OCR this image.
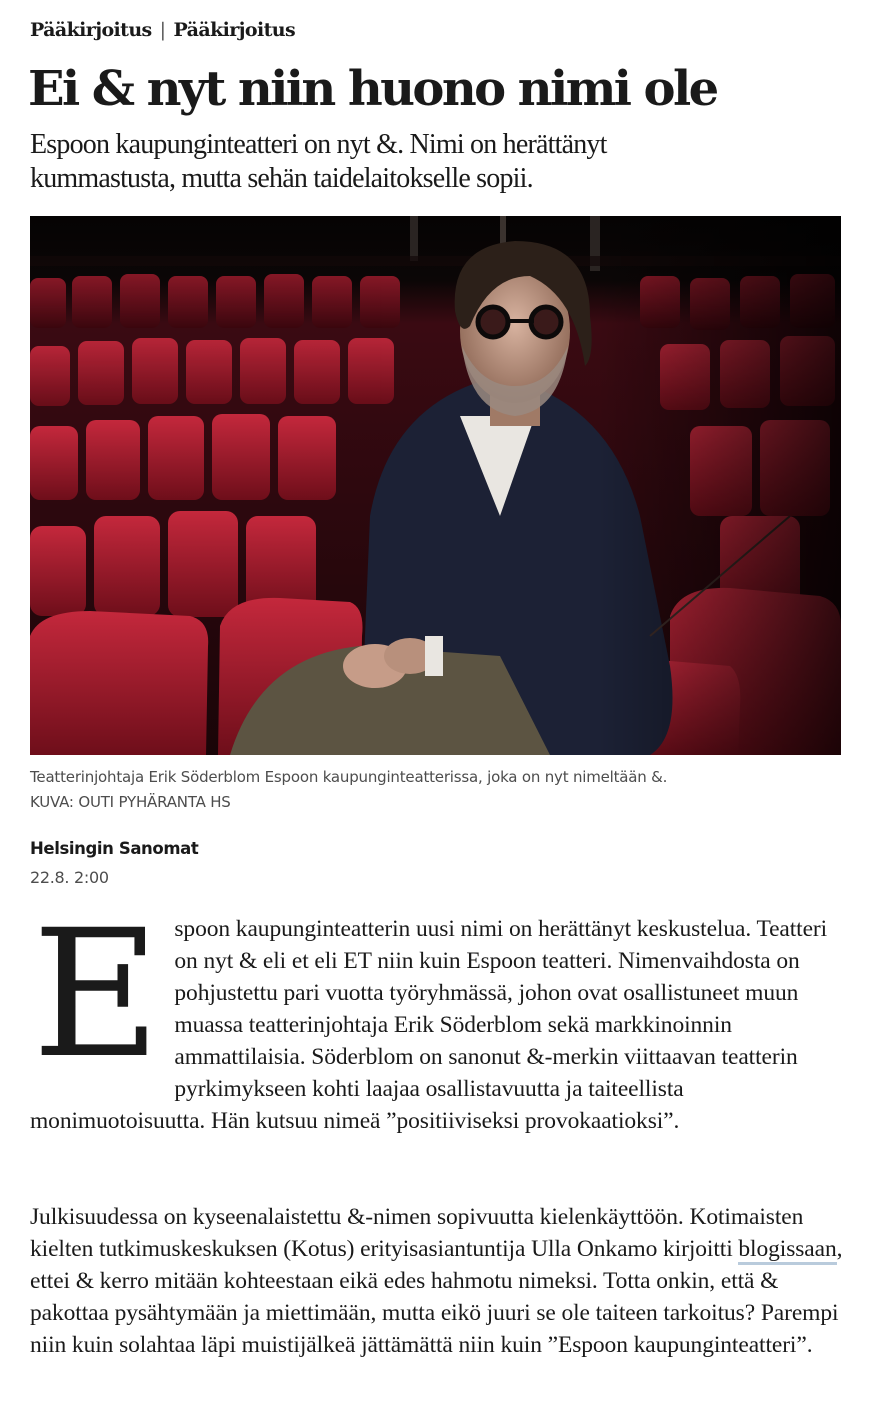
Pääkirjoitus | Pääkirjoitus
Ei & nyt niin huono nimi ole

Espoon kaupunginteatteri on nyt &. Nimi on herättänyt kummastusta, mutta sehän taidelaitokselle sopii.

Teatterinjohtaja Erik Söderblom Espoon kaupunginteatterissa, joka on nyt nimeltään &.
KUVA: OUTI PYHÄRANTA HS
Helsingin Sanomat
22.8. 2:00
Espoon kaupunginteatterin uusi nimi on herättänyt keskustelua. Teatteri on nyt & eli et eli ET niin kuin Espoon teatteri. Nimenvaihdosta on pohjustettu pari vuotta työryhmässä, johon ovat osallistuneet muun muassa teatterinjohtaja Erik Söderblom sekä markkinoinnin ammattilaisia. Söderblom on sanonut &-merkin viittaavan teatterin pyrkimykseen kohti laajaa osallistavuutta ja taiteellista monimuotoisuutta. Hän kutsuu nimeä ”positiiviseksi provokaatioksi”.
Julkisuudessa on kyseenalaistettu &-nimen sopivuutta kielenkäyttöön. Kotimaisten kielten tutkimuskeskuksen (Kotus) erityisasiantuntija Ulla Onkamo kirjoitti blogissaan, ettei & kerro mitään kohteestaan eikä edes hahmotu nimeksi. Totta onkin, että & pakottaa pysähtymään ja miettimään, mutta eikö juuri se ole taiteen tarkoitus? Parempi niin kuin solahtaa läpi muistijälkeä jättämättä niin kuin ”Espoon kaupunginteatteri”.
